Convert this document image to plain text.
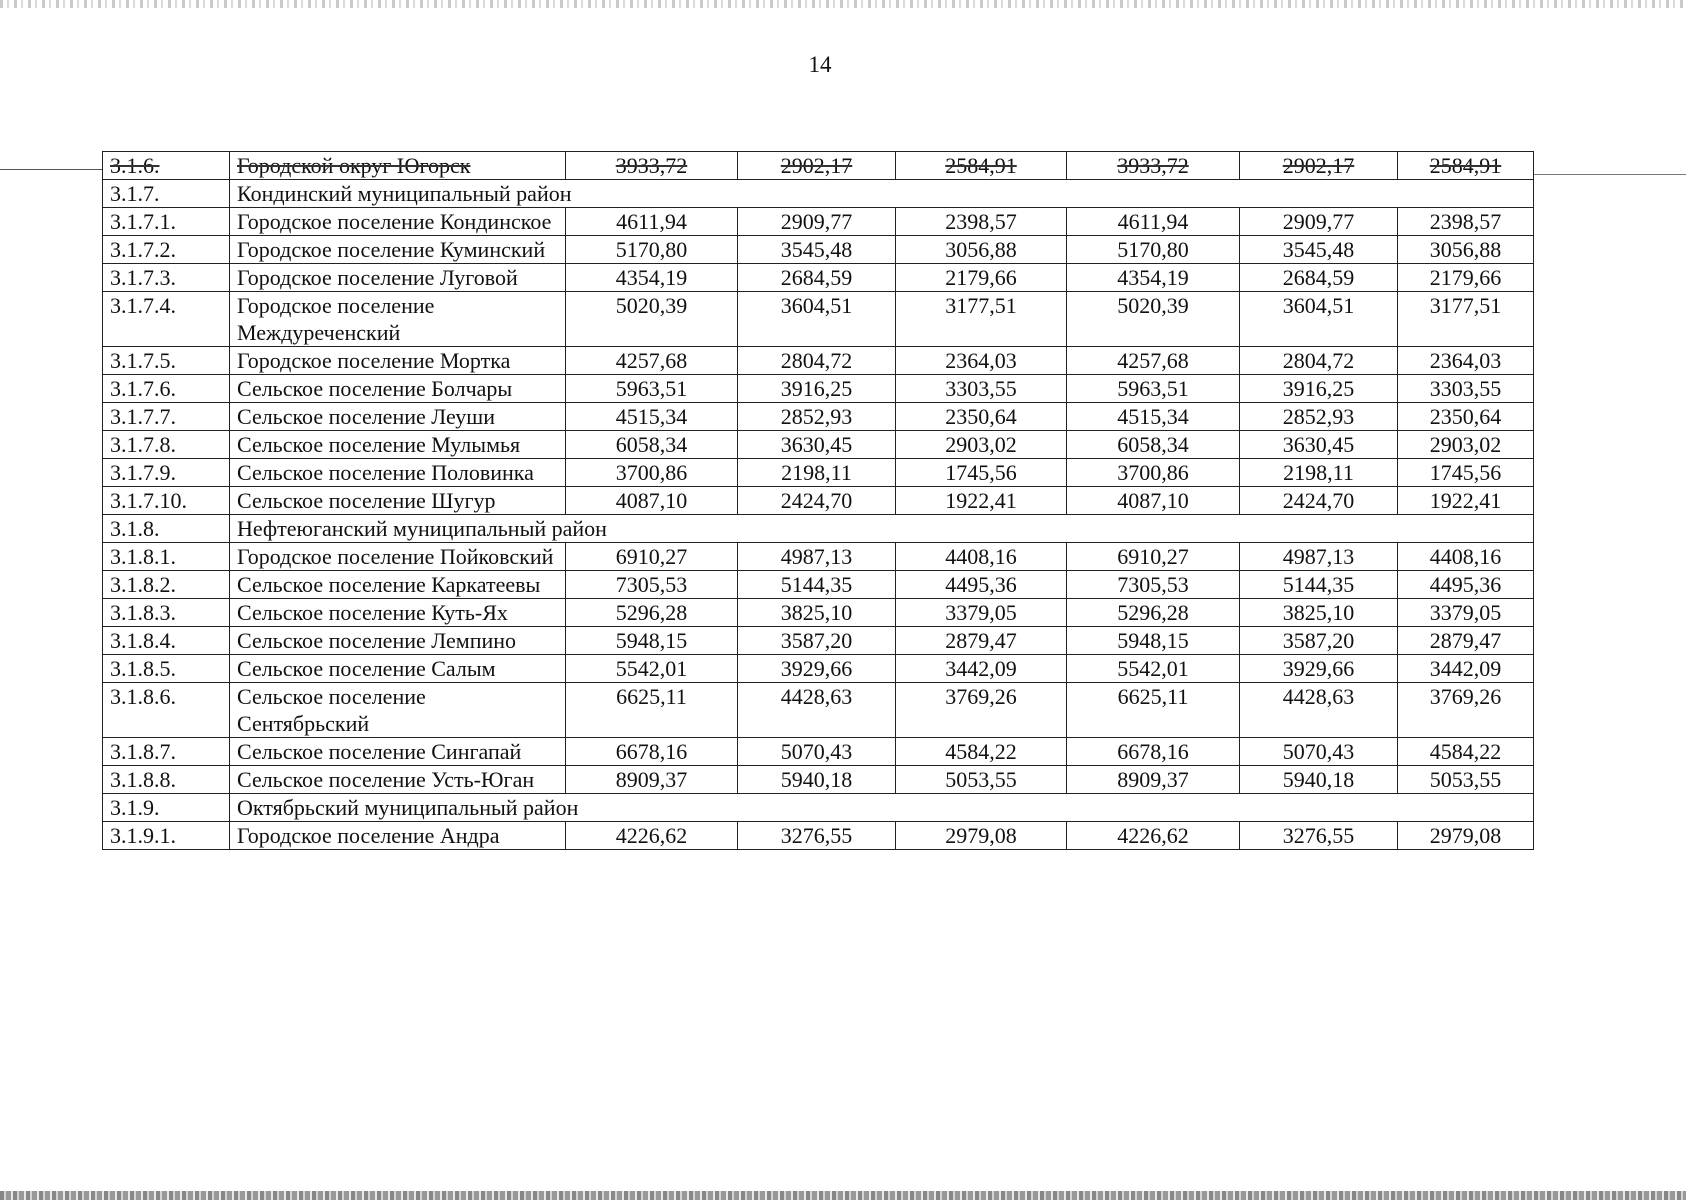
14
3.1.6.	Городской округ Югорск	3933,72	2902,17	2584,91	3933,72	2902,17	2584,91
3.1.7.	Кондинский муниципальный район						
3.1.7.1.	Городское поселение Кондинское	4611,94	2909,77	2398,57	4611,94	2909,77	2398,57
3.1.7.2.	Городское поселение Куминский	5170,80	3545,48	3056,88	5170,80	3545,48	3056,88
3.1.7.3.	Городское поселение Луговой	4354,19	2684,59	2179,66	4354,19	2684,59	2179,66
3.1.7.4.	Городское поселение Междуреченский	5020,39	3604,51	3177,51	5020,39	3604,51	3177,51
3.1.7.5.	Городское поселение Мортка	4257,68	2804,72	2364,03	4257,68	2804,72	2364,03
3.1.7.6.	Сельское поселение Болчары	5963,51	3916,25	3303,55	5963,51	3916,25	3303,55
3.1.7.7.	Сельское поселение Леуши	4515,34	2852,93	2350,64	4515,34	2852,93	2350,64
3.1.7.8.	Сельское поселение Мулымья	6058,34	3630,45	2903,02	6058,34	3630,45	2903,02
3.1.7.9.	Сельское поселение Половинка	3700,86	2198,11	1745,56	3700,86	2198,11	1745,56
3.1.7.10.	Сельское поселение Шугур	4087,10	2424,70	1922,41	4087,10	2424,70	1922,41
3.1.8.	Нефтеюганский муниципальный район						
3.1.8.1.	Городское поселение Пойковский	6910,27	4987,13	4408,16	6910,27	4987,13	4408,16
3.1.8.2.	Сельское поселение Каркатеевы	7305,53	5144,35	4495,36	7305,53	5144,35	4495,36
3.1.8.3.	Сельское поселение Куть-Ях	5296,28	3825,10	3379,05	5296,28	3825,10	3379,05
3.1.8.4.	Сельское поселение Лемпино	5948,15	3587,20	2879,47	5948,15	3587,20	2879,47
3.1.8.5.	Сельское поселение Салым	5542,01	3929,66	3442,09	5542,01	3929,66	3442,09
3.1.8.6.	Сельское поселение Сентябрьский	6625,11	4428,63	3769,26	6625,11	4428,63	3769,26
3.1.8.7.	Сельское поселение Сингапай	6678,16	5070,43	4584,22	6678,16	5070,43	4584,22
3.1.8.8.	Сельское поселение Усть-Юган	8909,37	5940,18	5053,55	8909,37	5940,18	5053,55
3.1.9.	Октябрьский муниципальный район						
3.1.9.1.	Городское поселение Андра	4226,62	3276,55	2979,08	4226,62	3276,55	2979,08
